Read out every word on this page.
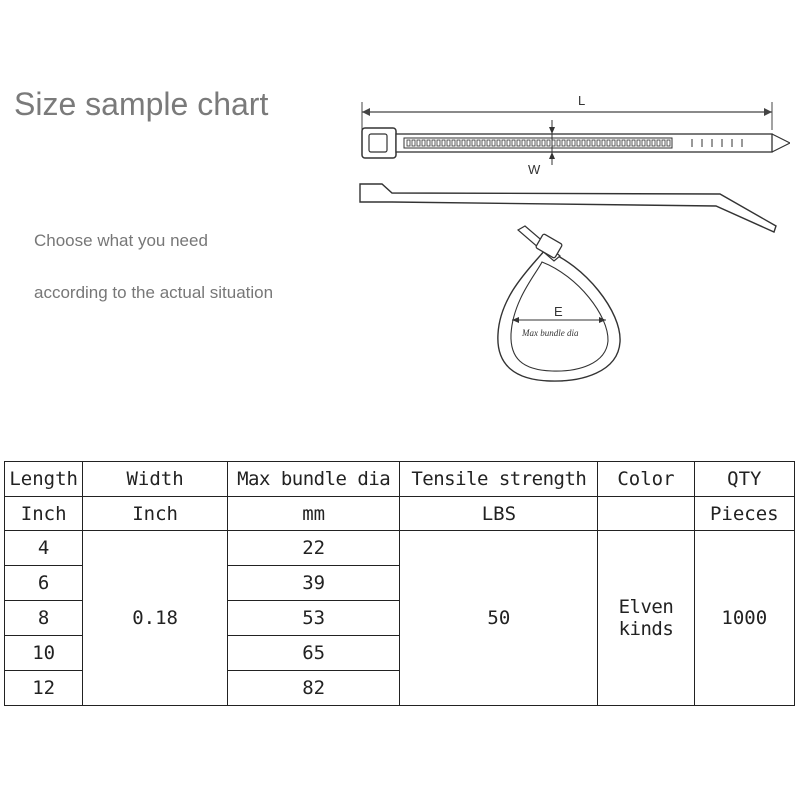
Size sample chart
Choose what you need
according to the actual situation
L
W
E
Max bundle dia
Length	Width	Max bundle dia	Tensile strength	Color	QTY
Inch	Inch	mm	LBS		Pieces
4	0.18	22	50	Elven kinds	1000
6		39			
8		53			
10		65			
12		82			
